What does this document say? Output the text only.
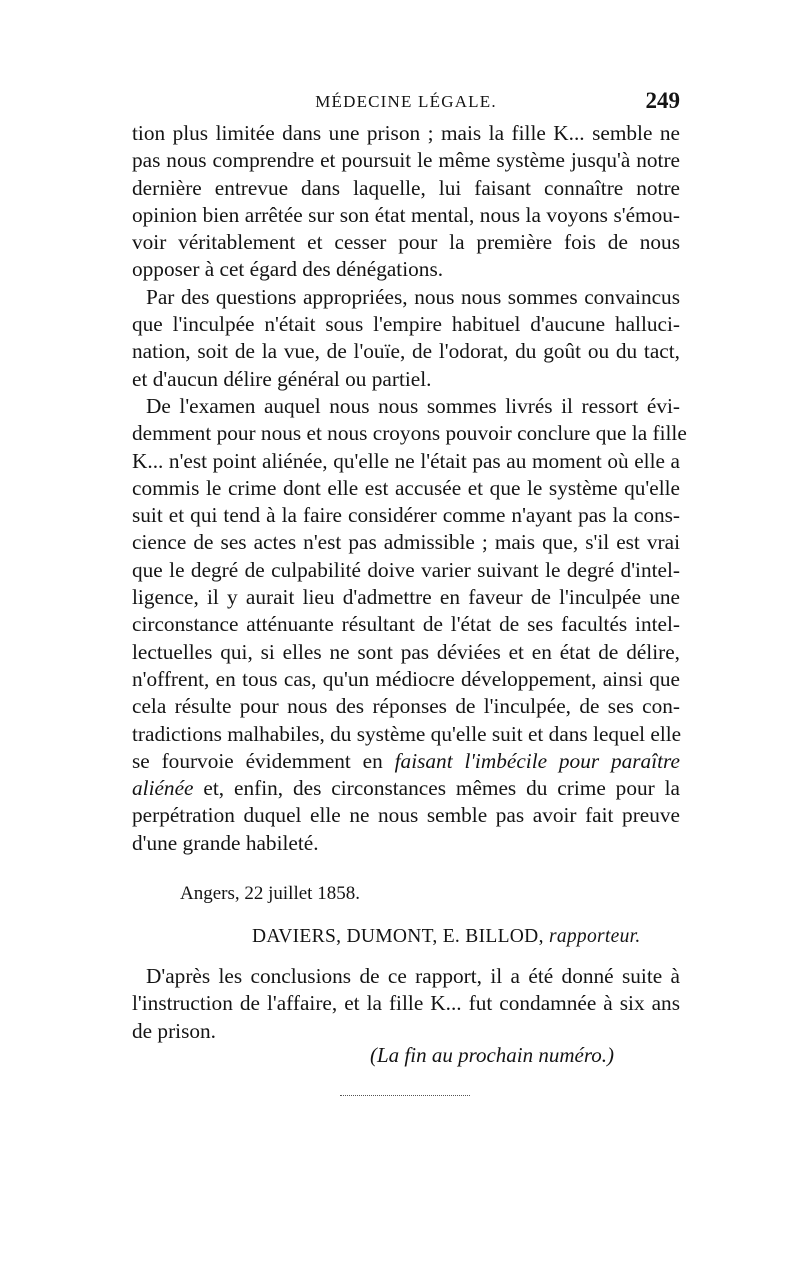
MÉDECINE LÉGALE.	249
tion plus limitée dans une prison ; mais la fille K... semble ne
pas nous comprendre et poursuit le même système jusqu'à notre
dernière entrevue dans laquelle, lui faisant connaître notre
opinion bien arrêtée sur son état mental, nous la voyons s'émou-
voir véritablement et cesser pour la première fois de nous
opposer à cet égard des dénégations.
Par des questions appropriées, nous nous sommes convaincus
que l'inculpée n'était sous l'empire habituel d'aucune halluci-
nation, soit de la vue, de l'ouïe, de l'odorat, du goût ou du tact,
et d'aucun délire général ou partiel.
De l'examen auquel nous nous sommes livrés il ressort évi-
demment pour nous et nous croyons pouvoir conclure que la fille
K... n'est point aliénée, qu'elle ne l'était pas au moment où elle a
commis le crime dont elle est accusée et que le système qu'elle
suit et qui tend à la faire considérer comme n'ayant pas la cons-
cience de ses actes n'est pas admissible ; mais que, s'il est vrai
que le degré de culpabilité doive varier suivant le degré d'intel-
ligence, il y aurait lieu d'admettre en faveur de l'inculpée une
circonstance atténuante résultant de l'état de ses facultés intel-
lectuelles qui, si elles ne sont pas déviées et en état de délire,
n'offrent, en tous cas, qu'un médiocre développement, ainsi que
cela résulte pour nous des réponses de l'inculpée, de ses con-
tradictions malhabiles, du système qu'elle suit et dans lequel elle
se fourvoie évidemment en faisant l'imbécile pour paraître
aliénée et, enfin, des circonstances mêmes du crime pour la
perpétration duquel elle ne nous semble pas avoir fait preuve
d'une grande habileté.
Angers, 22 juillet 1858.
DAVIERS, DUMONT, E. BILLOD, rapporteur.
D'après les conclusions de ce rapport, il a été donné suite à
l'instruction de l'affaire, et la fille K... fut condamnée à six ans
de prison.
(La fin au prochain numéro.)
